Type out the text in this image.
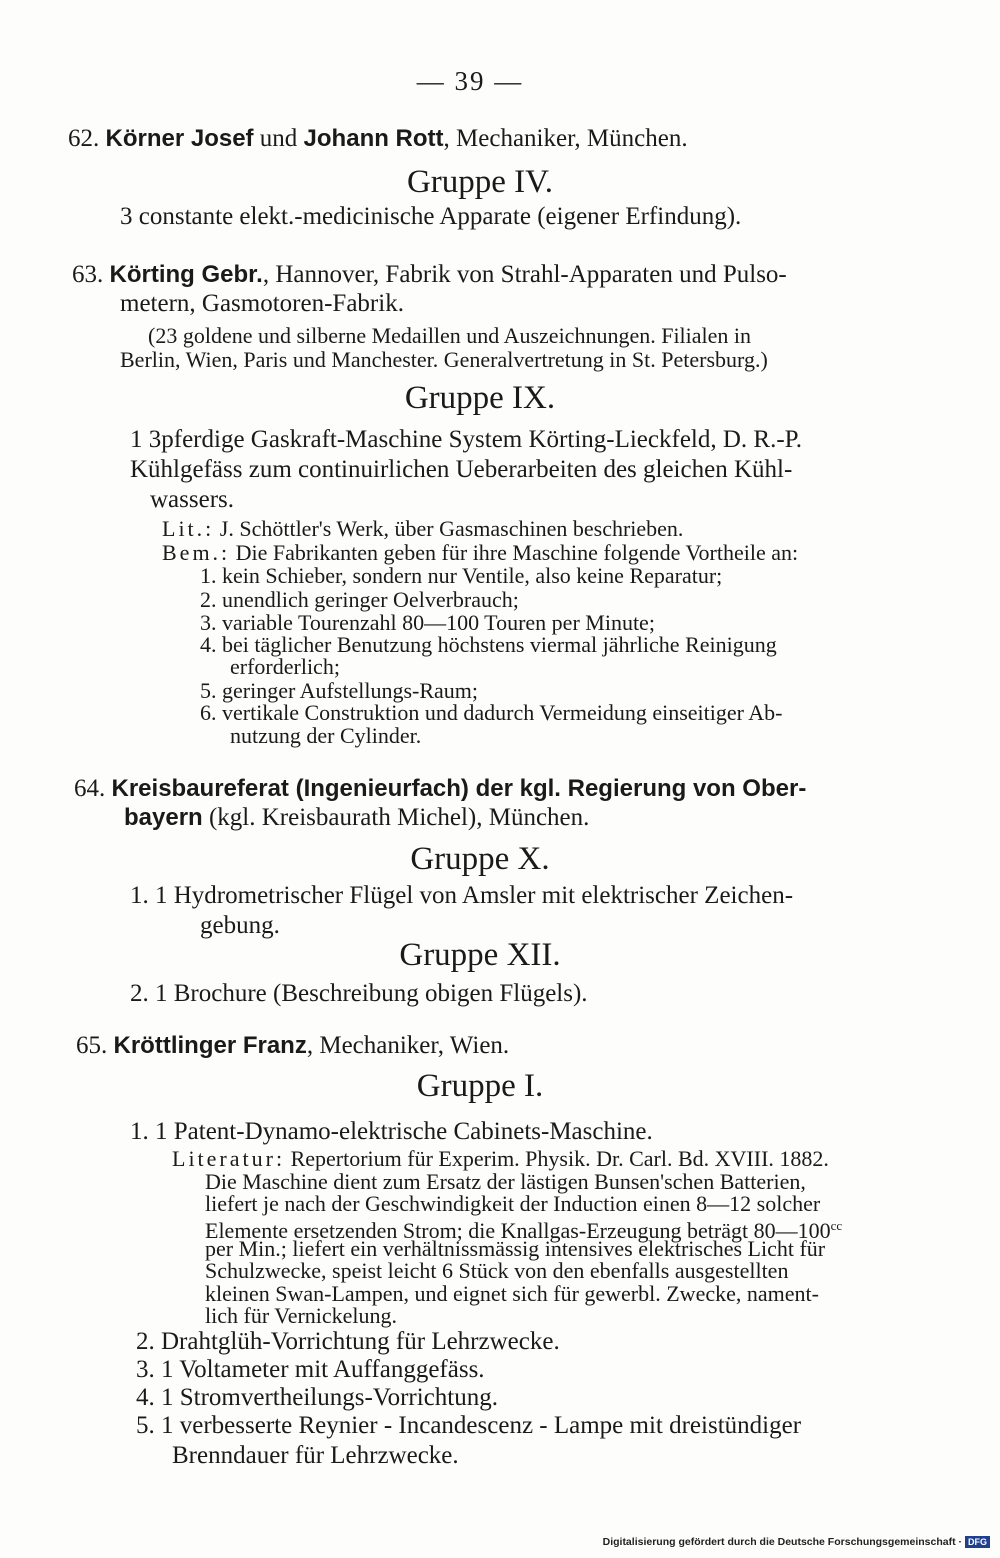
— 39 —
62. Körner Josef und Johann Rott, Mechaniker, München.
Gruppe IV.
3 constante elekt.-medicinische Apparate (eigener Erfindung).
63. Körting Gebr., Hannover, Fabrik von Strahl-Apparaten und Pulso-
metern, Gasmotoren-Fabrik.
(23 goldene und silberne Medaillen und Auszeichnungen. Filialen in
Berlin, Wien, Paris und Manchester. Generalvertretung in St. Petersburg.)
Gruppe IX.
1 3pferdige Gaskraft-Maschine System Körting-Lieckfeld, D. R.-P.
Kühlgefäss zum continuirlichen Ueberarbeiten des gleichen Kühl-
wassers.
Lit.: J. Schöttler's Werk, über Gasmaschinen beschrieben.
Bem.: Die Fabrikanten geben für ihre Maschine folgende Vortheile an:
1. kein Schieber, sondern nur Ventile, also keine Reparatur;
2. unendlich geringer Oelverbrauch;
3. variable Tourenzahl 80—100 Touren per Minute;
4. bei täglicher Benutzung höchstens viermal jährliche Reinigung
erforderlich;
5. geringer Aufstellungs-Raum;
6. vertikale Construktion und dadurch Vermeidung einseitiger Ab-
nutzung der Cylinder.
64. Kreisbaureferat (Ingenieurfach) der kgl. Regierung von Ober-
bayern (kgl. Kreisbaurath Michel), München.
Gruppe X.
1. 1 Hydrometrischer Flügel von Amsler mit elektrischer Zeichen-
gebung.
Gruppe XII.
2. 1 Brochure (Beschreibung obigen Flügels).
65. Kröttlinger Franz, Mechaniker, Wien.
Gruppe I.
1. 1 Patent-Dynamo-elektrische Cabinets-Maschine.
Literatur: Repertorium für Experim. Physik. Dr. Carl. Bd. XVIII. 1882.
Die Maschine dient zum Ersatz der lästigen Bunsen'schen Batterien,
liefert je nach der Geschwindigkeit der Induction einen 8—12 solcher
Elemente ersetzenden Strom; die Knallgas-Erzeugung beträgt $80—100^{cc}$
per Min.; liefert ein verhältnissmässig intensives elektrisches Licht für
Schulzwecke, speist leicht 6 Stück von den ebenfalls ausgestellten
kleinen Swan-Lampen, und eignet sich für gewerbl. Zwecke, nament-
lich für Vernickelung.
2. Drahtglüh-Vorrichtung für Lehrzwecke.
3. 1 Voltameter mit Auffanggefäss.
4. 1 Stromvertheilungs-Vorrichtung.
5. 1 verbesserte Reynier - Incandescenz - Lampe mit dreistündiger
Brenndauer für Lehrzwecke.
Digitalisierung gefördert durch die Deutsche Forschungsgemeinschaft · DFG
